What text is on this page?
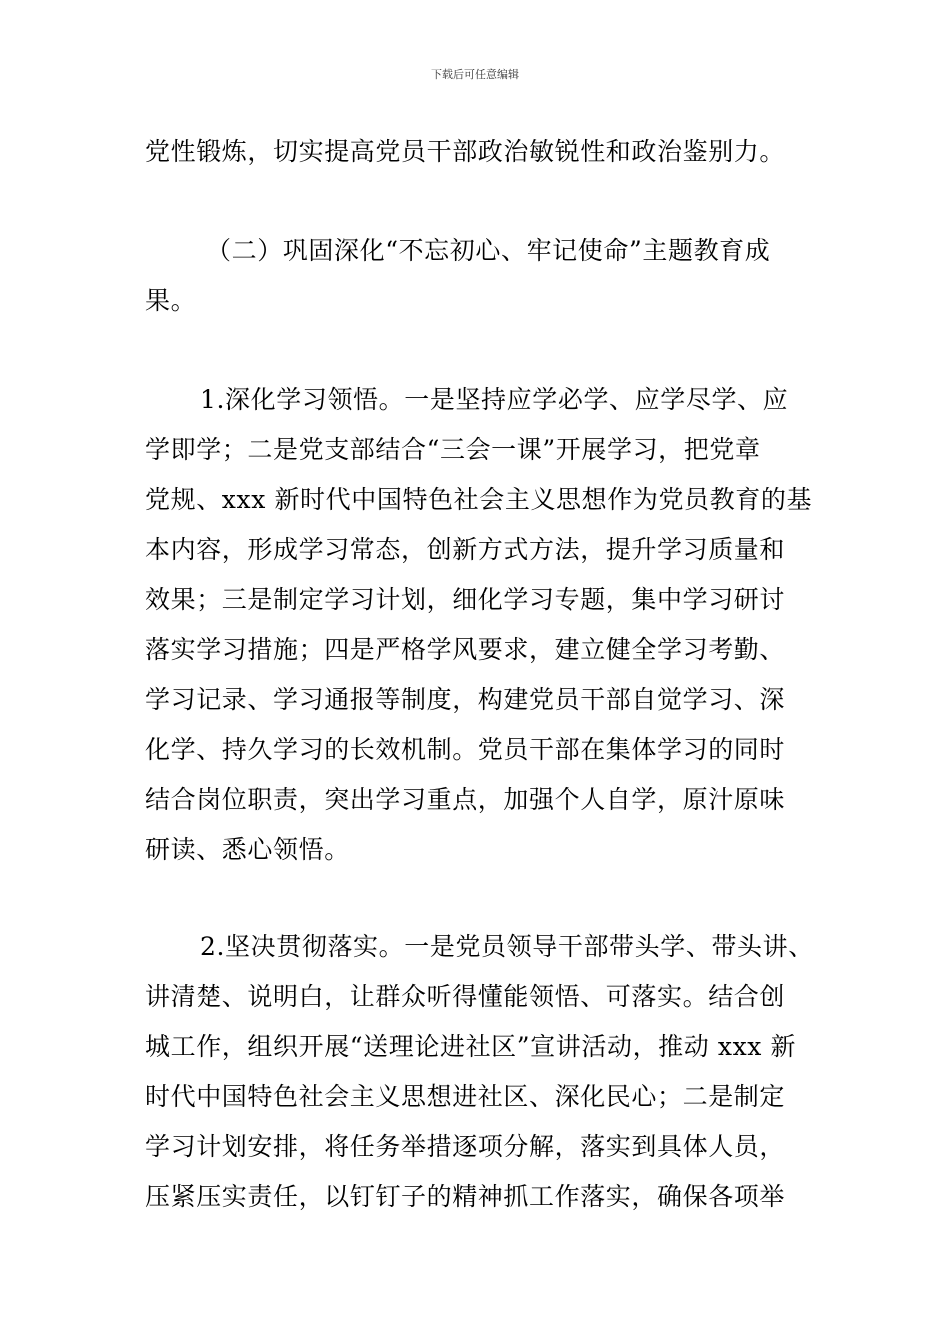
下载后可任意编辑
党性锻炼，切实提高党员干部政治敏锐性和政治鉴别力。
（二）巩固深化“不忘初心、牢记使命”主题教育成
果。
1.深化学习领悟。一是坚持应学必学、应学尽学、应
学即学；二是党支部结合“三会一课”开展学习，把党章
党规、xxx 新时代中国特色社会主义思想作为党员教育的基
本内容，形成学习常态，创新方式方法，提升学习质量和
效果；三是制定学习计划，细化学习专题，集中学习研讨
落实学习措施；四是严格学风要求，建立健全学习考勤、
学习记录、学习通报等制度，构建党员干部自觉学习、深
化学、持久学习的长效机制。党员干部在集体学习的同时
结合岗位职责，突出学习重点，加强个人自学，原汁原味
研读、悉心领悟。
2.坚决贯彻落实。一是党员领导干部带头学、带头讲、
讲清楚、说明白，让群众听得懂能领悟、可落实。结合创
城工作，组织开展“送理论进社区”宣讲活动，推动 xxx 新
时代中国特色社会主义思想进社区、深化民心；二是制定
学习计划安排，将任务举措逐项分解，落实到具体人员，
压紧压实责任，以钉钉子的精神抓工作落实，确保各项举
